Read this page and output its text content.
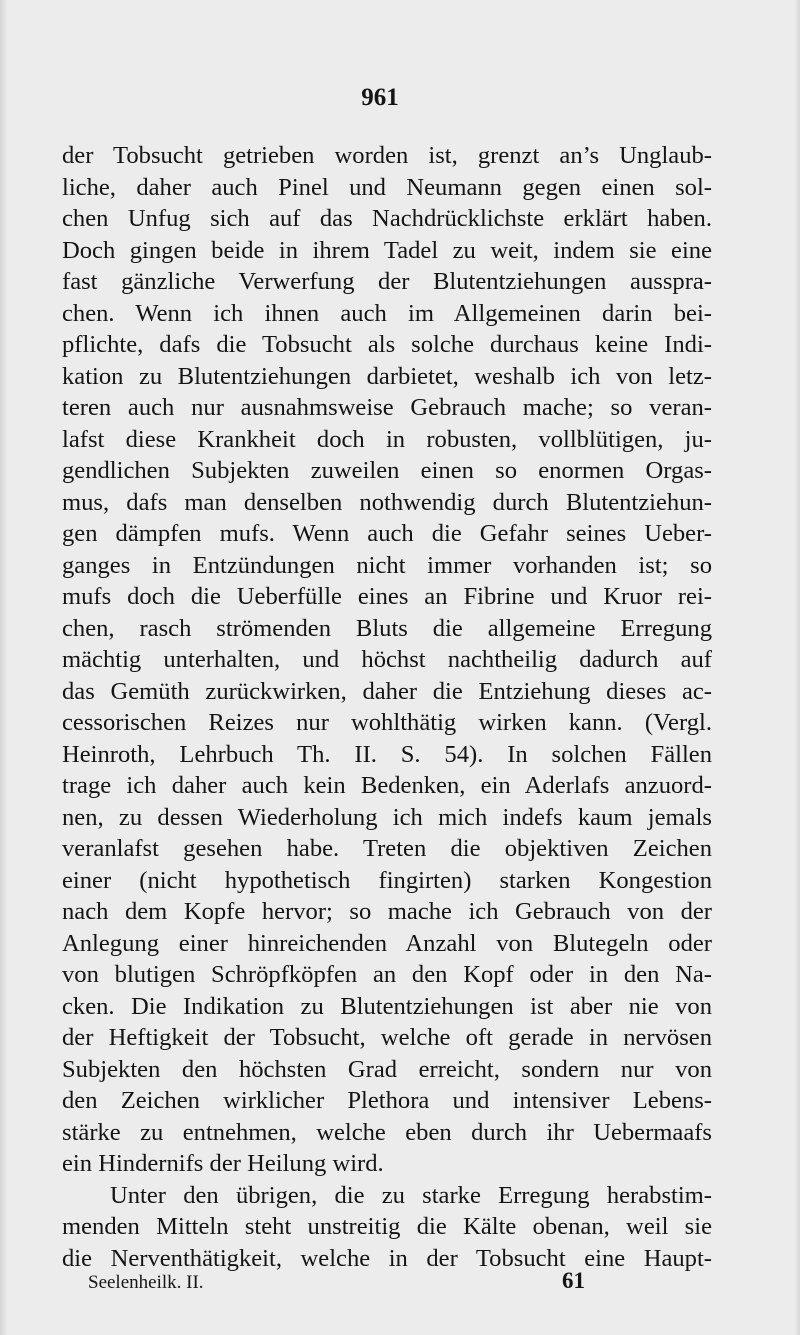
961
der Tobsucht getrieben worden ist, grenzt an’s Unglaub-
liche, daher auch Pinel und Neumann gegen einen sol-
chen Unfug sich auf das Nachdrücklichste erklärt haben.
Doch gingen beide in ihrem Tadel zu weit, indem sie eine
fast gänzliche Verwerfung der Blutentziehungen ausspra-
chen. Wenn ich ihnen auch im Allgemeinen darin bei-
pflichte, dafs die Tobsucht als solche durchaus keine Indi-
kation zu Blutentziehungen darbietet, weshalb ich von letz-
teren auch nur ausnahmsweise Gebrauch mache; so veran-
lafst diese Krankheit doch in robusten, vollblütigen, ju-
gendlichen Subjekten zuweilen einen so enormen Orgas-
mus, dafs man denselben nothwendig durch Blutentziehun-
gen dämpfen mufs. Wenn auch die Gefahr seines Ueber-
ganges in Entzündungen nicht immer vorhanden ist; so
mufs doch die Ueberfülle eines an Fibrine und Kruor rei-
chen, rasch strömenden Bluts die allgemeine Erregung
mächtig unterhalten, und höchst nachtheilig dadurch auf
das Gemüth zurückwirken, daher die Entziehung dieses ac-
cessorischen Reizes nur wohlthätig wirken kann. (Vergl.
Heinroth, Lehrbuch Th. II. S. 54). In solchen Fällen
trage ich daher auch kein Bedenken, ein Aderlafs anzuord-
nen, zu dessen Wiederholung ich mich indefs kaum jemals
veranlafst gesehen habe. Treten die objektiven Zeichen
einer (nicht hypothetisch fingirten) starken Kongestion
nach dem Kopfe hervor; so mache ich Gebrauch von der
Anlegung einer hinreichenden Anzahl von Blutegeln oder
von blutigen Schröpfköpfen an den Kopf oder in den Na-
cken. Die Indikation zu Blutentziehungen ist aber nie von
der Heftigkeit der Tobsucht, welche oft gerade in nervösen
Subjekten den höchsten Grad erreicht, sondern nur von
den Zeichen wirklicher Plethora und intensiver Lebens-
stärke zu entnehmen, welche eben durch ihr Uebermaafs
ein Hindernifs der Heilung wird.
Unter den übrigen, die zu starke Erregung herabstim-
menden Mitteln steht unstreitig die Kälte obenan, weil sie
die Nerventhätigkeit, welche in der Tobsucht eine Haupt-
Seelenheilk. II.	61
